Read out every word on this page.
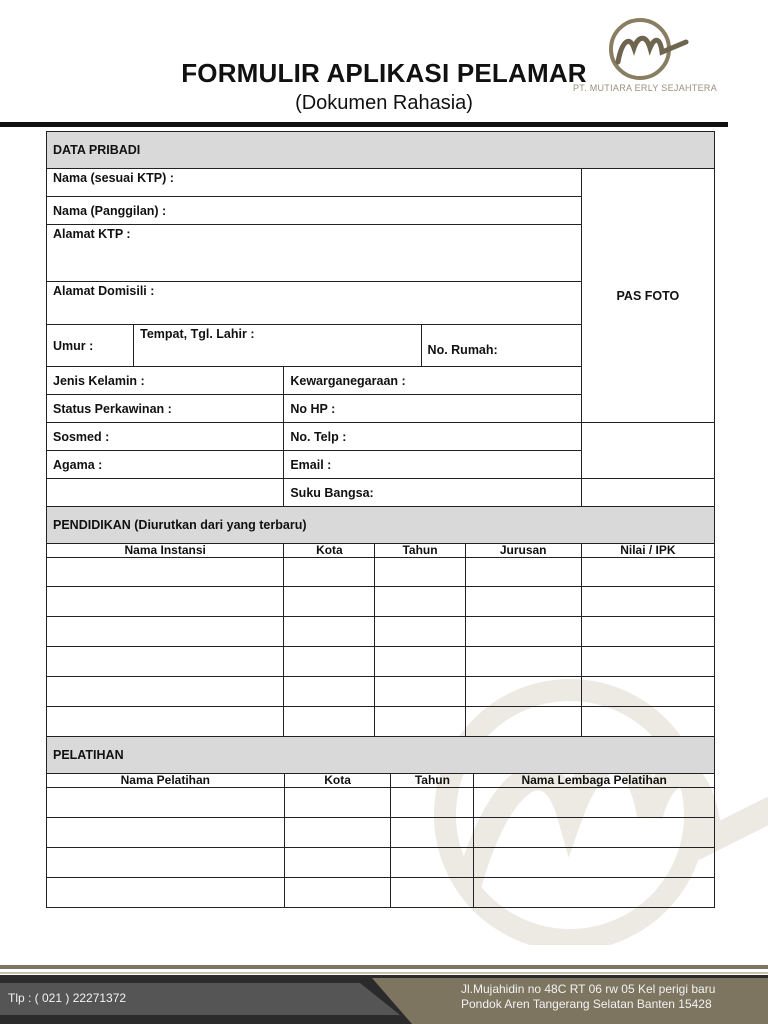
FORMULIR APLIKASI PELAMAR
(Dokumen Rahasia)
PT. MUTIARA ERLY SEJAHTERA
DATA PRIBADI				
Nama (sesuai KTP) :				PAS FOTO
Nama (Panggilan) :				
Alamat KTP :				
Alamat Domisili :				
Umur :	Tempat, Tgl. Lahir :		No. Rumah:	
Jenis Kelamin :		Kewarganegaraan :		
Status Perkawinan :		No HP :		
Sosmed :		No. Telp :		
Agama :		Email :		
		Suku Bangsa:		
PENDIDIKAN (Diurutkan dari yang terbaru)				
Nama Instansi	Kota	Tahun	Jurusan	Nilai / IPK

PELATIHAN			
Nama Pelatihan	Kota	Tahun	Nama Lembaga Pelatihan

Tlp : ( 021 ) 22271372
Jl.Mujahidin no 48C RT 06 rw 05 Kel perigi baru
Pondok Aren Tangerang Selatan Banten 15428
